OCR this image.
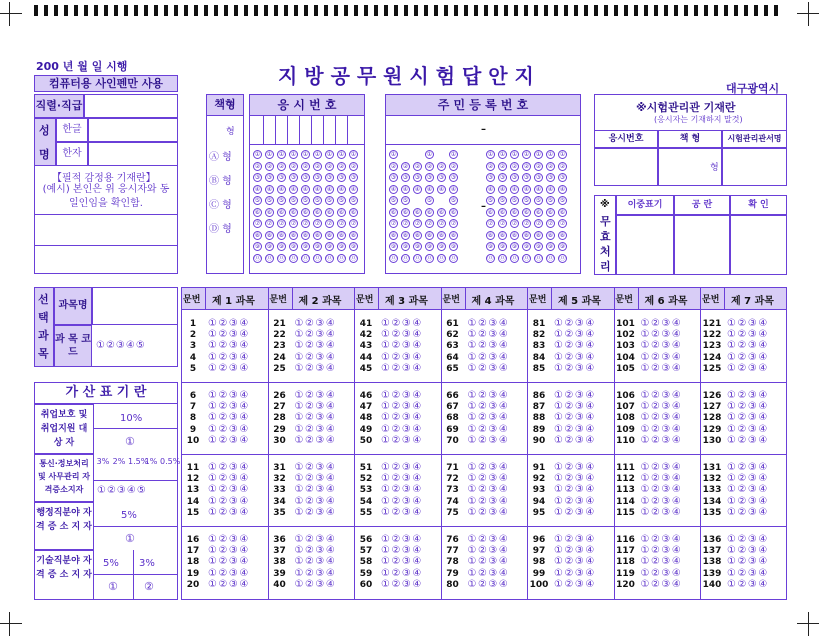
200 년 월 일 시행
컴퓨터용 사인펜만 사용	지 방 공 무 원 시 험 답 안 지
대구광역시
직렬·직급
성
명
한글
한자
【필적 감정용 기재란】
(예시) 본인은 위 응시자와 동일인임을 확인함.
책형
형
Ⓐ 형
Ⓑ 형
Ⓒ 형
Ⓓ 형
응 시 번 호
①
②
③
④
⑤
⑥
⑦
⑧
⑨
⓪
①
②
③
④
⑤
⑥
⑦
⑧
⑨
⓪
①
②
③
④
⑤
⑥
⑦
⑧
⑨
⓪
①
②
③
④
⑤
⑥
⑦
⑧
⑨
⓪
①
②
③
④
⑤
⑥
⑦
⑧
⑨
⓪
①
②
③
④
⑤
⑥
⑦
⑧
⑨
⓪
①
②
③
④
⑤
⑥
⑦
⑧
⑨
⓪
①
②
③
④
⑤
⑥
⑦
⑧
⑨
⓪
①
②
③
④
⑤
⑥
⑦
⑧
⑨
⓪
주 민 등 록 번 호
–
–
①
②
③
④
⑤
⑥
⑦
⑧
⑨
⓪
②
③
④
⑤
⑥
⑦
⑧
⑨
⓪
②
③
④
⑥
⑦
⑧
⑨
⓪
①
②
③
④
⑤
⑥
⑦
⑧
⑨
⓪
②
③
④
⑥
⑦
⑧
⑨
⓪
①
②
③
④
⑤
⑥
⑦
⑧
⑨
⓪
①
②
③
④
⑤
⑥
⑦
⑧
⑨
⓪
①
②
③
④
⑤
⑥
⑦
⑧
⑨
⓪
①
②
③
④
⑤
⑥
⑦
⑧
⑨
⓪
①
②
③
④
⑤
⑥
⑦
⑧
⑨
⓪
①
②
③
④
⑤
⑥
⑦
⑧
⑨
⓪
①
②
③
④
⑤
⑥
⑦
⑧
⑨
⓪
①
②
③
④
⑤
⑥
⑦
⑧
⑨
⓪
※시험관리관 기재란
(응시자는 기재하지 말것)
응시번호	책 형	시험관리관서명
형
※
무
효
처
리
이중표기	공 란	확 인
선
택
과
목
과목명
과 목 코 드
①②③④⑤
가 산 표 기 란
취업보호 및 취업지원 대 상 자
10%
①
통신·정보처리 및 사무관리 자격증소지자
3% 2% 1.5%
1% 0.5%
①②③④⑤
행정직분야 자 격 증 소 지 자
5%
①
기술직분야 자 격 증 소 지 자
5% 3%
① ②
문번 제 1 과목
1	①②③④
2	①②③④
3	①②③④
4	①②③④
5	①②③④
6	①②③④
7	①②③④
8	①②③④
9	①②③④
10 ①②③④
11 ①②③④
12 ①②③④
13 ①②③④
14 ①②③④
15 ①②③④
16 ①②③④
17 ①②③④
18 ①②③④
19 ①②③④
20 ①②③④
문번 제 2 과목
21 ①②③④
22 ①②③④
23 ①②③④
24 ①②③④
25 ①②③④
26 ①②③④
27 ①②③④
28 ①②③④
29 ①②③④
30 ①②③④
31 ①②③④
32 ①②③④
33 ①②③④
34 ①②③④
35 ①②③④
36 ①②③④
37 ①②③④
38 ①②③④
39 ①②③④
40 ①②③④
문번 제 3 과목
41 ①②③④
42 ①②③④
43 ①②③④
44 ①②③④
45 ①②③④
46 ①②③④
47 ①②③④
48 ①②③④
49 ①②③④
50 ①②③④
51 ①②③④
52 ①②③④
53 ①②③④
54 ①②③④
55 ①②③④
56 ①②③④
57 ①②③④
58 ①②③④
59 ①②③④
60 ①②③④
문번 제 4 과목
61 ①②③④
62 ①②③④
63 ①②③④
64 ①②③④
65 ①②③④
66 ①②③④
67 ①②③④
68 ①②③④
69 ①②③④
70 ①②③④
71 ①②③④
72 ①②③④
73 ①②③④
74 ①②③④
75 ①②③④
76 ①②③④
77 ①②③④
78 ①②③④
79 ①②③④
80 ①②③④
문번 제 5 과목
81 ①②③④
82 ①②③④
83 ①②③④
84 ①②③④
85 ①②③④
86 ①②③④
87 ①②③④
88 ①②③④
89 ①②③④
90 ①②③④
91 ①②③④
92 ①②③④
93 ①②③④
94 ①②③④
95 ①②③④
96 ①②③④
97 ①②③④
98 ①②③④
99 ①②③④
100 ①②③④
문번 제 6 과목
101 ①②③④
102 ①②③④
103 ①②③④
104 ①②③④
105 ①②③④
106 ①②③④
107 ①②③④
108 ①②③④
109 ①②③④
110 ①②③④
111 ①②③④
112 ①②③④
113 ①②③④
114 ①②③④
115 ①②③④
116 ①②③④
117 ①②③④
118 ①②③④
119 ①②③④
120 ①②③④
문번 제 7 과목
121 ①②③④
122 ①②③④
123 ①②③④
124 ①②③④
125 ①②③④
126 ①②③④
127 ①②③④
128 ①②③④
129 ①②③④
130 ①②③④
131 ①②③④
132 ①②③④
133 ①②③④
134 ①②③④
135 ①②③④
136 ①②③④
137 ①②③④
138 ①②③④
139 ①②③④
140 ①②③④
